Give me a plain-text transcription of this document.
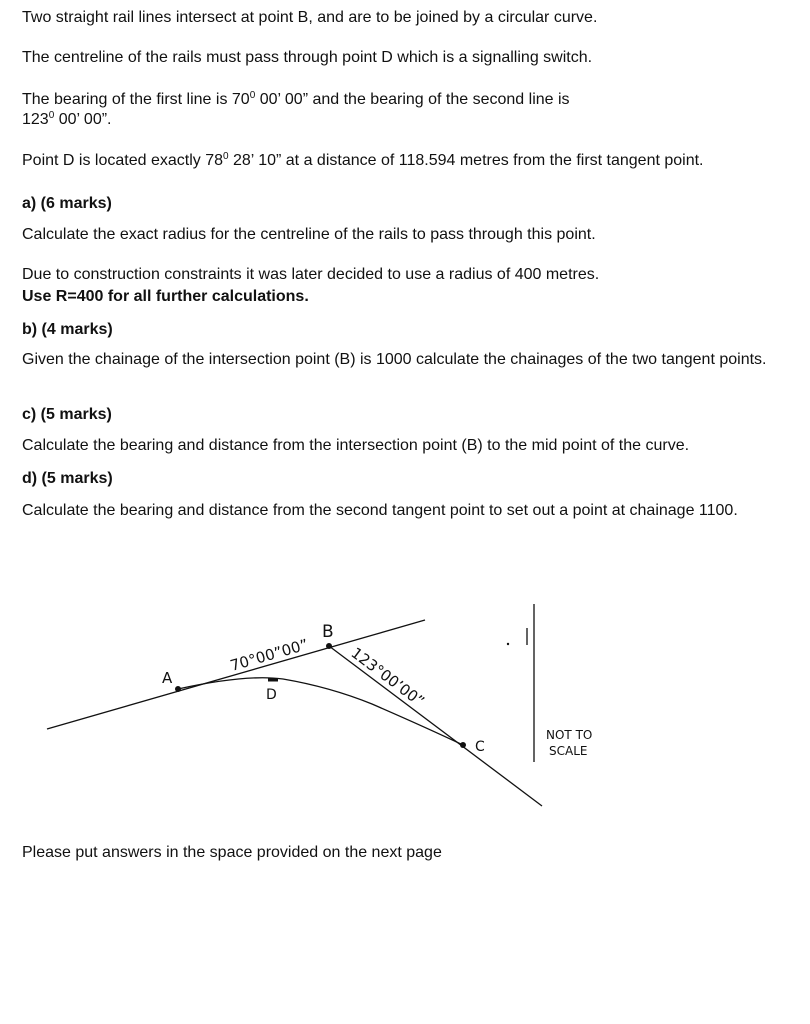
Two straight rail lines intersect at point B, and are to be joined by a circular curve.

The centreline of the rails must pass through point D which is a signalling switch.

The bearing of the first line is $70^0$ 00’ 00” and the bearing of the second line is
$123^0$ 00’ 00”.

Point D is located exactly $78^0$ 28’ 10” at a distance of 118.594 metres from the first tangent point.

a) (6 marks)

Calculate the exact radius for the centreline of the rails to pass through this point.

Due to construction constraints it was later decided to use a radius of 400 metres.

Use R=400 for all further calculations.

b) (4 marks)

Given the chainage of the intersection point (B) is 1000 calculate the chainages of the two tangent points.

c) (5 marks)

Calculate the bearing and distance from the intersection point (B) to the mid point of the curve.

d) (5 marks)

Calculate the bearing and distance from the second tangent point to set out a point at chainage 1100.

A
B
C
D
70°00”00” 123°00’00”
NOT TO
SCALE

Please put answers in the space provided on the next page
